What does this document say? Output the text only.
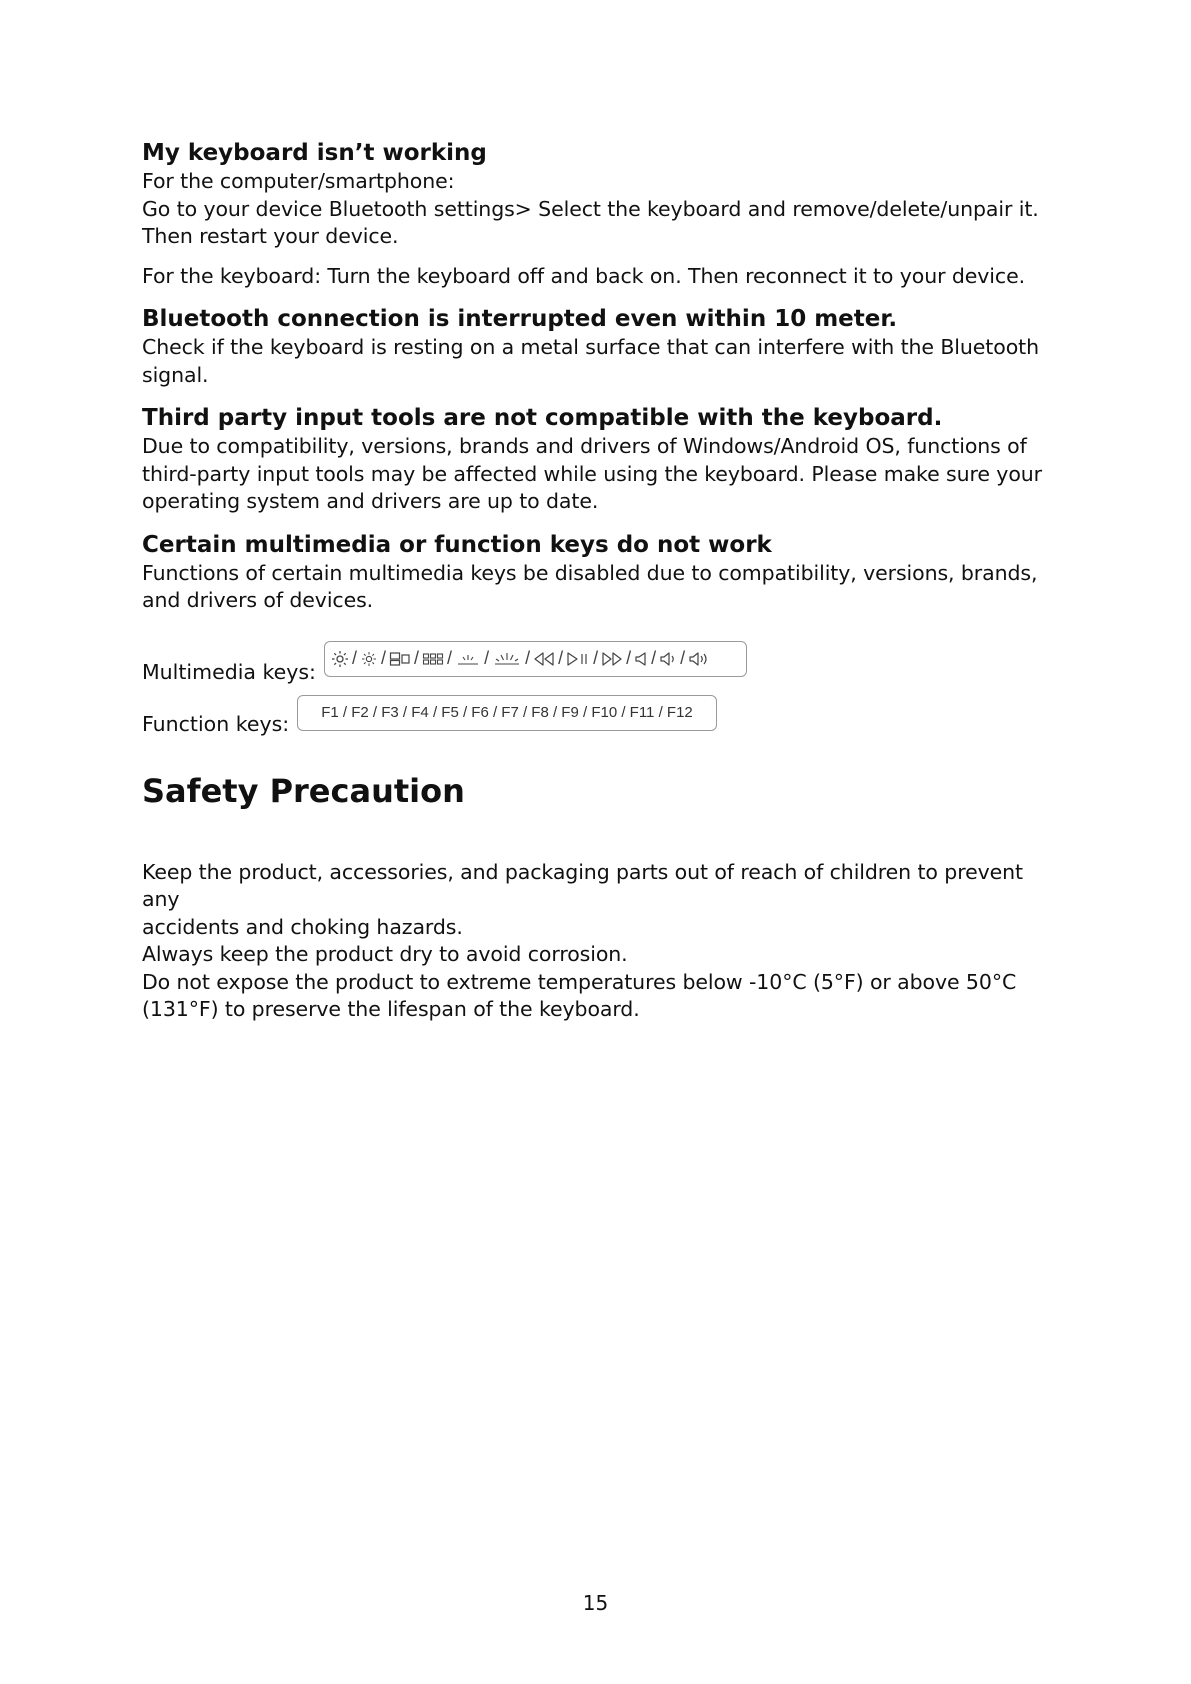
My keyboard isn’t working

For the computer/smartphone:

Go to your device Bluetooth settings> Select the keyboard and remove/delete/unpair it.

Then restart your device.

For the keyboard: Turn the keyboard off and back on. Then reconnect it to your device.

Bluetooth connection is interrupted even within 10 meter.

Check if the keyboard is resting on a metal surface that can interfere with the Bluetooth

signal.

Third party input tools are not compatible with the keyboard.

Due to compatibility, versions, brands and drivers of Windows/Android OS, functions of

third-party input tools may be affected while using the keyboard. Please make sure your

operating system and drivers are up to date.

Certain multimedia or function keys do not work

Functions of certain multimedia keys be disabled due to compatibility, versions, brands,

and drivers of devices.

Multimedia keys:
/ / / / / / / / / / /
Function keys: F1 / F2 / F3 / F4 / F5 / F6 / F7 / F8 / F9 / F10 / F11 / F12
Safety Precaution

Keep the product, accessories, and packaging parts out of reach of children to prevent any

accidents and choking hazards.

Always keep the product dry to avoid corrosion.

Do not expose the product to extreme temperatures below -10°C (5°F) or above 50°C

(131°F) to preserve the lifespan of the keyboard.

15
